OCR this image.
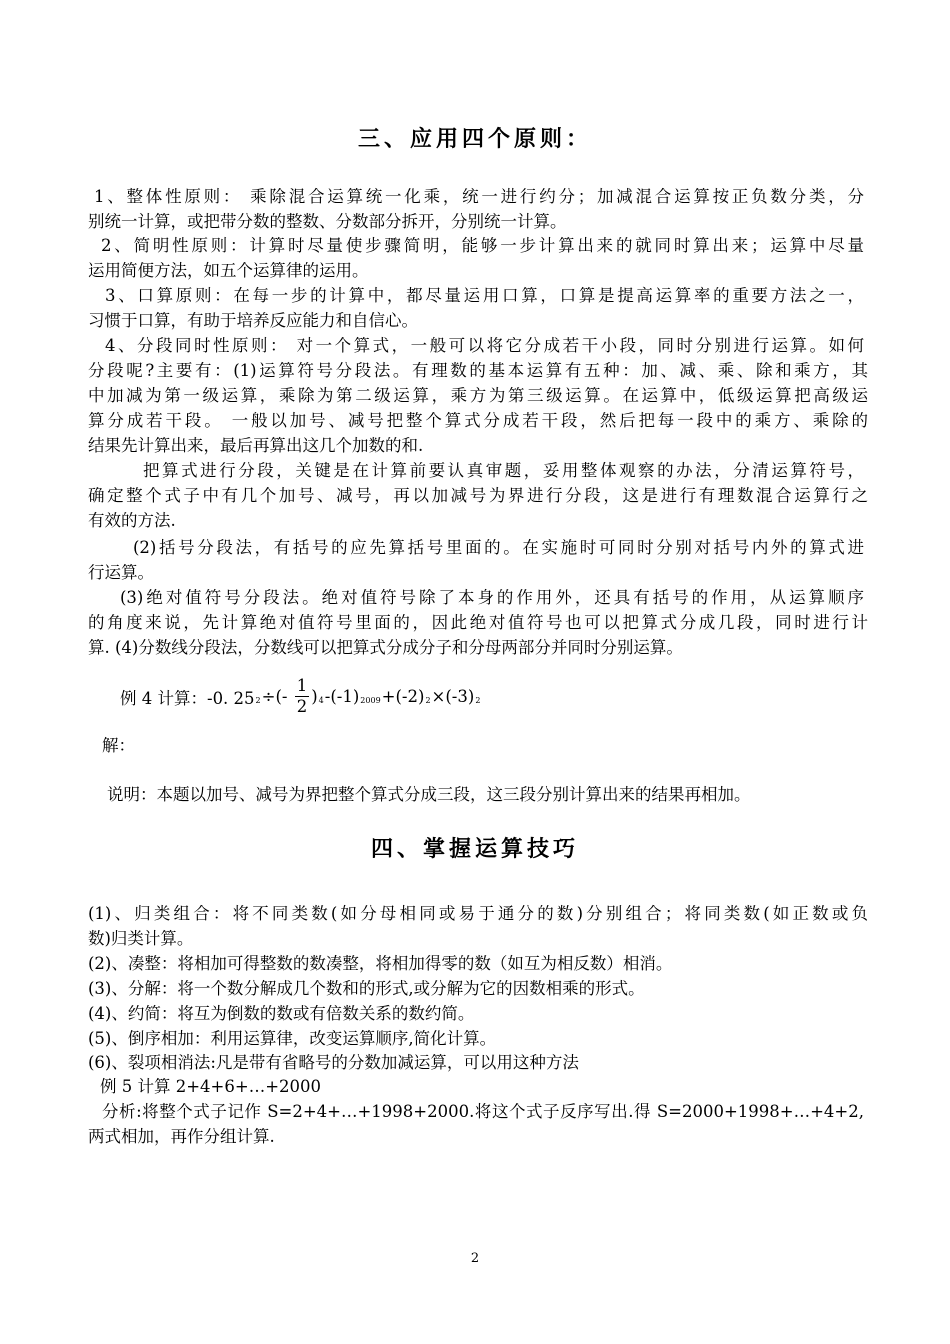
三、应用四个原则：
1、整体性原则： 乘除混合运算统一化乘，统一进行约分；加减混合运算按正负数分类，分
别统一计算，或把带分数的整数、分数部分拆开，分别统一计算。
2、简明性原则：计算时尽量使步骤简明，能够一步计算出来的就同时算出来；运算中尽量
运用简便方法，如五个运算律的运用。
3、口算原则：在每一步的计算中，都尽量运用口算，口算是提高运算率的重要方法之一，
习惯于口算，有助于培养反应能力和自信心。
4、分段同时性原则： 对一个算式，一般可以将它分成若干小段，同时分别进行运算。如何
分段呢?主要有：(1)运算符号分段法。有理数的基本运算有五种：加、减、乘、除和乘方，其
中加减为第一级运算，乘除为第二级运算，乘方为第三级运算。在运算中，低级运算把高级运
算分成若干段。 一般以加号、减号把整个算式分成若干段，然后把每一段中的乘方、乘除的
结果先计算出来，最后再算出这几个加数的和.
把算式进行分段，关键是在计算前要认真审题，妥用整体观察的办法，分清运算符号，
确定整个式子中有几个加号、减号，再以加减号为界进行分段，这是进行有理数混合运算行之
有效的方法.
(2)括号分段法，有括号的应先算括号里面的。在实施时可同时分别对括号内外的算式进
行运算。
(3)绝对值符号分段法。绝对值符号除了本身的作用外，还具有括号的作用，从运算顺序
的角度来说，先计算绝对值符号里面的，因此绝对值符号也可以把算式分成几段，同时进行计
算. (4)分数线分段法，分数线可以把算式分成分子和分母两部分并同时分别运算。
例 4 计算：-0. $252\div(- \frac{1}{2} )4-(-1)2009+(-2)2\times(-3)2$
解：
说明：本题以加号、减号为界把整个算式分成三段，这三段分别计算出来的结果再相加。
四、掌握运算技巧
(1)、归类组合：将不同类数(如分母相同或易于通分的数)分别组合；将同类数(如正数或负
数)归类计算。
(2)、凑整：将相加可得整数的数凑整，将相加得零的数（如互为相反数）相消。
(3)、分解：将一个数分解成几个数和的形式,或分解为它的因数相乘的形式。
(4)、约简：将互为倒数的数或有倍数关系的数约简。
(5)、倒序相加：利用运算律，改变运算顺序,简化计算。
(6)、裂项相消法:凡是带有省略号的分数加减运算，可以用这种方法
例 5 计算 2+4+6+…+2000
分析:将整个式子记作 S=2+4+…+1998+2000.将这个式子反序写出.得 S=2000+1998+…+4+2,
两式相加，再作分组计算.
2
